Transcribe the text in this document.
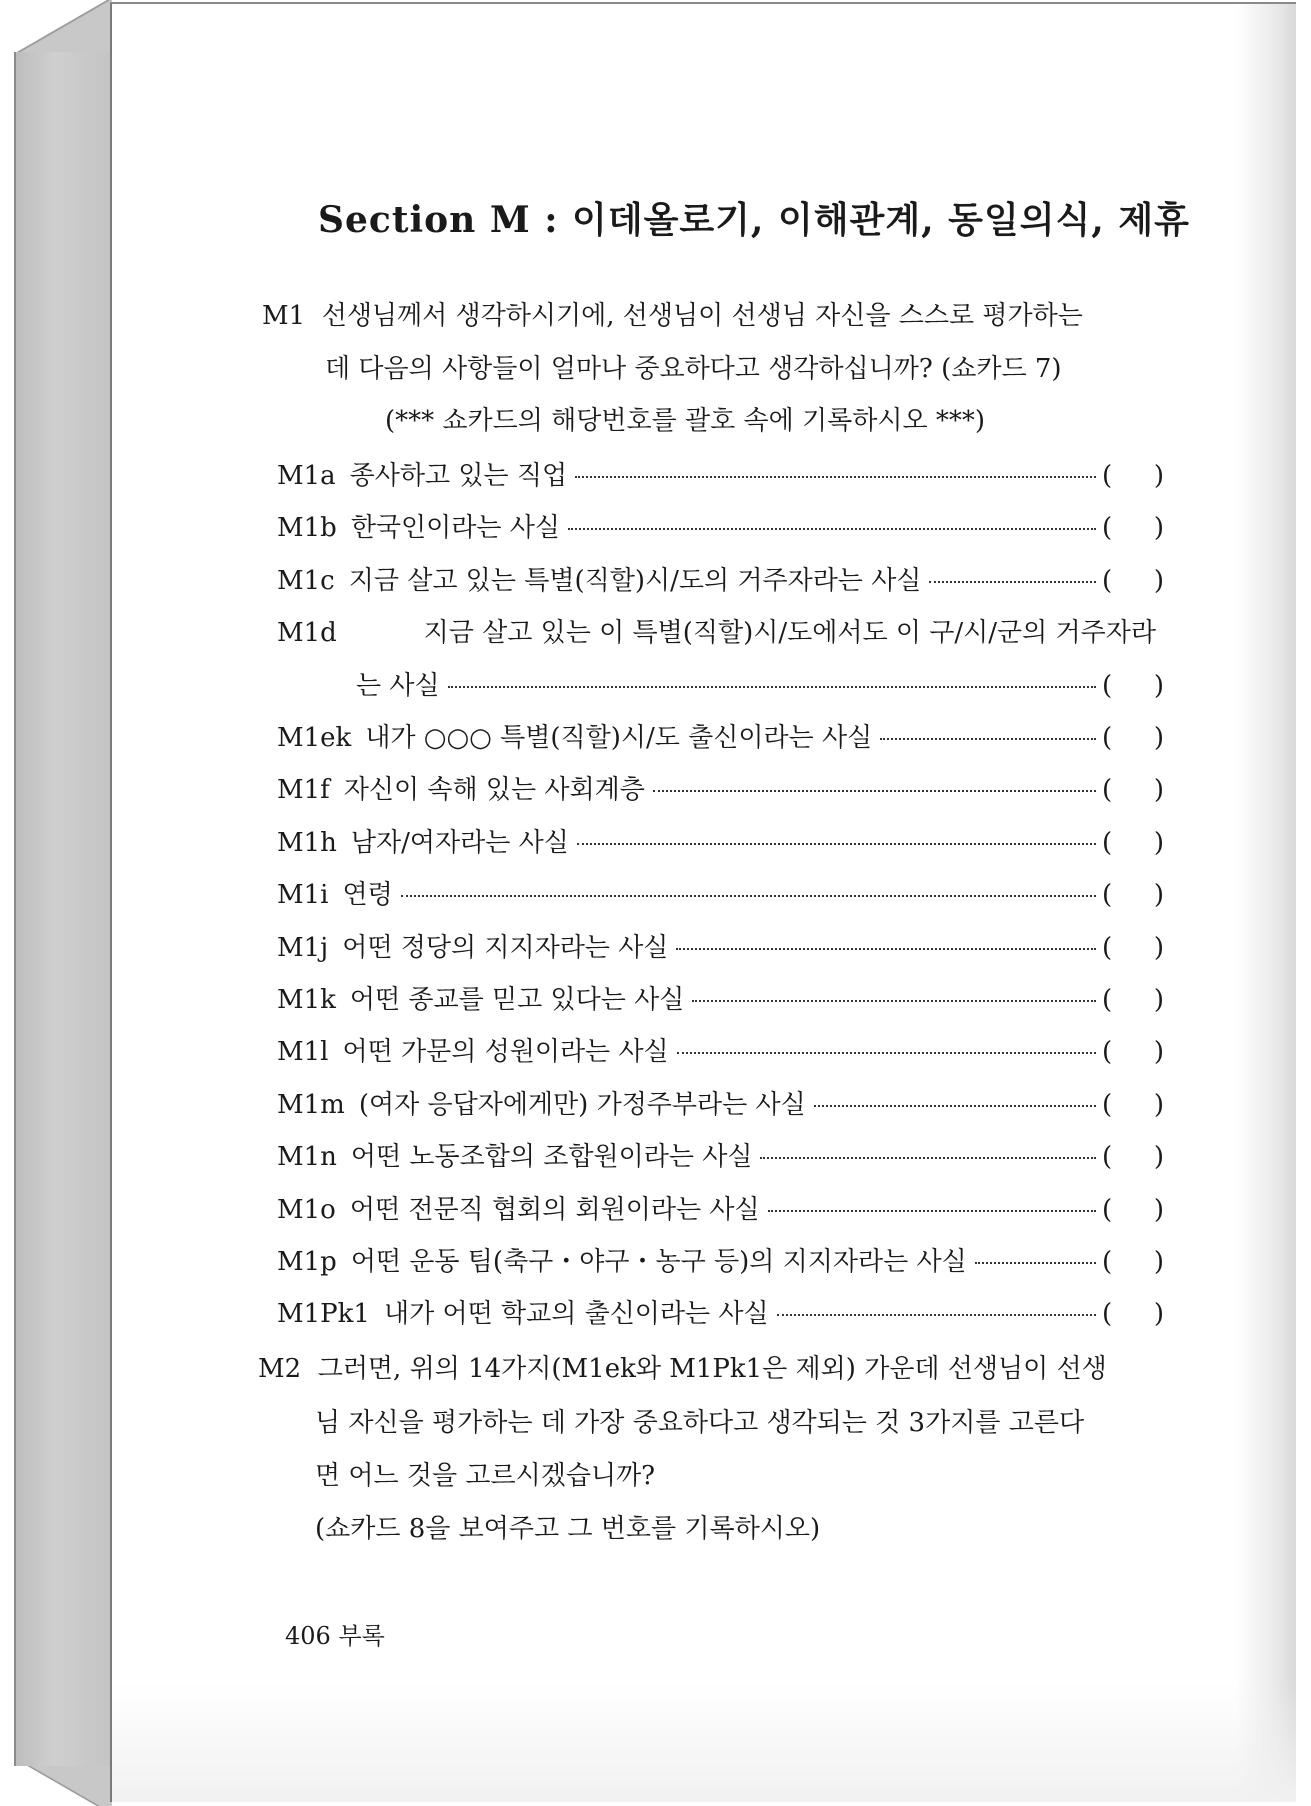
Section M : 이데올로기, 이해관계, 동일의식, 제휴
M1 선생님께서 생각하시기에, 선생님이 선생님 자신을 스스로 평가하는
데 다음의 사항들이 얼마나 중요하다고 생각하십니까? (쇼카드 7)
(*** 쇼카드의 해당번호를 괄호 속에 기록하시오 ***)
M1a 종사하고 있는 직업	( )
M1b 한국인이라는 사실	( )
M1c 지금 살고 있는 특별(직할)시/도의 거주자라는 사실	( )
M1d	지금 살고 있는 이 특별(직할)시/도에서도 이 구/시/군의 거주자라
는 사실	( )
M1ek 내가 ○○○ 특별(직할)시/도 출신이라는 사실	( )
M1f 자신이 속해 있는 사회계층	( )
M1h 남자/여자라는 사실	( )
M1i 연령	( )
M1j 어떤 정당의 지지자라는 사실	( )
M1k 어떤 종교를 믿고 있다는 사실	( )
M1l 어떤 가문의 성원이라는 사실	( )
M1m (여자 응답자에게만) 가정주부라는 사실	( )
M1n 어떤 노동조합의 조합원이라는 사실	( )
M1o 어떤 전문직 협회의 회원이라는 사실	( )
M1p 어떤 운동 팀(축구・야구・농구 등)의 지지자라는 사실	( )
M1Pk1 내가 어떤 학교의 출신이라는 사실	( )
M2 그러면, 위의 14가지(M1ek와 M1Pk1은 제외) 가운데 선생님이 선생
님 자신을 평가하는 데 가장 중요하다고 생각되는 것 3가지를 고른다
면 어느 것을 고르시겠습니까?
(쇼카드 8을 보여주고 그 번호를 기록하시오)
406 부록
